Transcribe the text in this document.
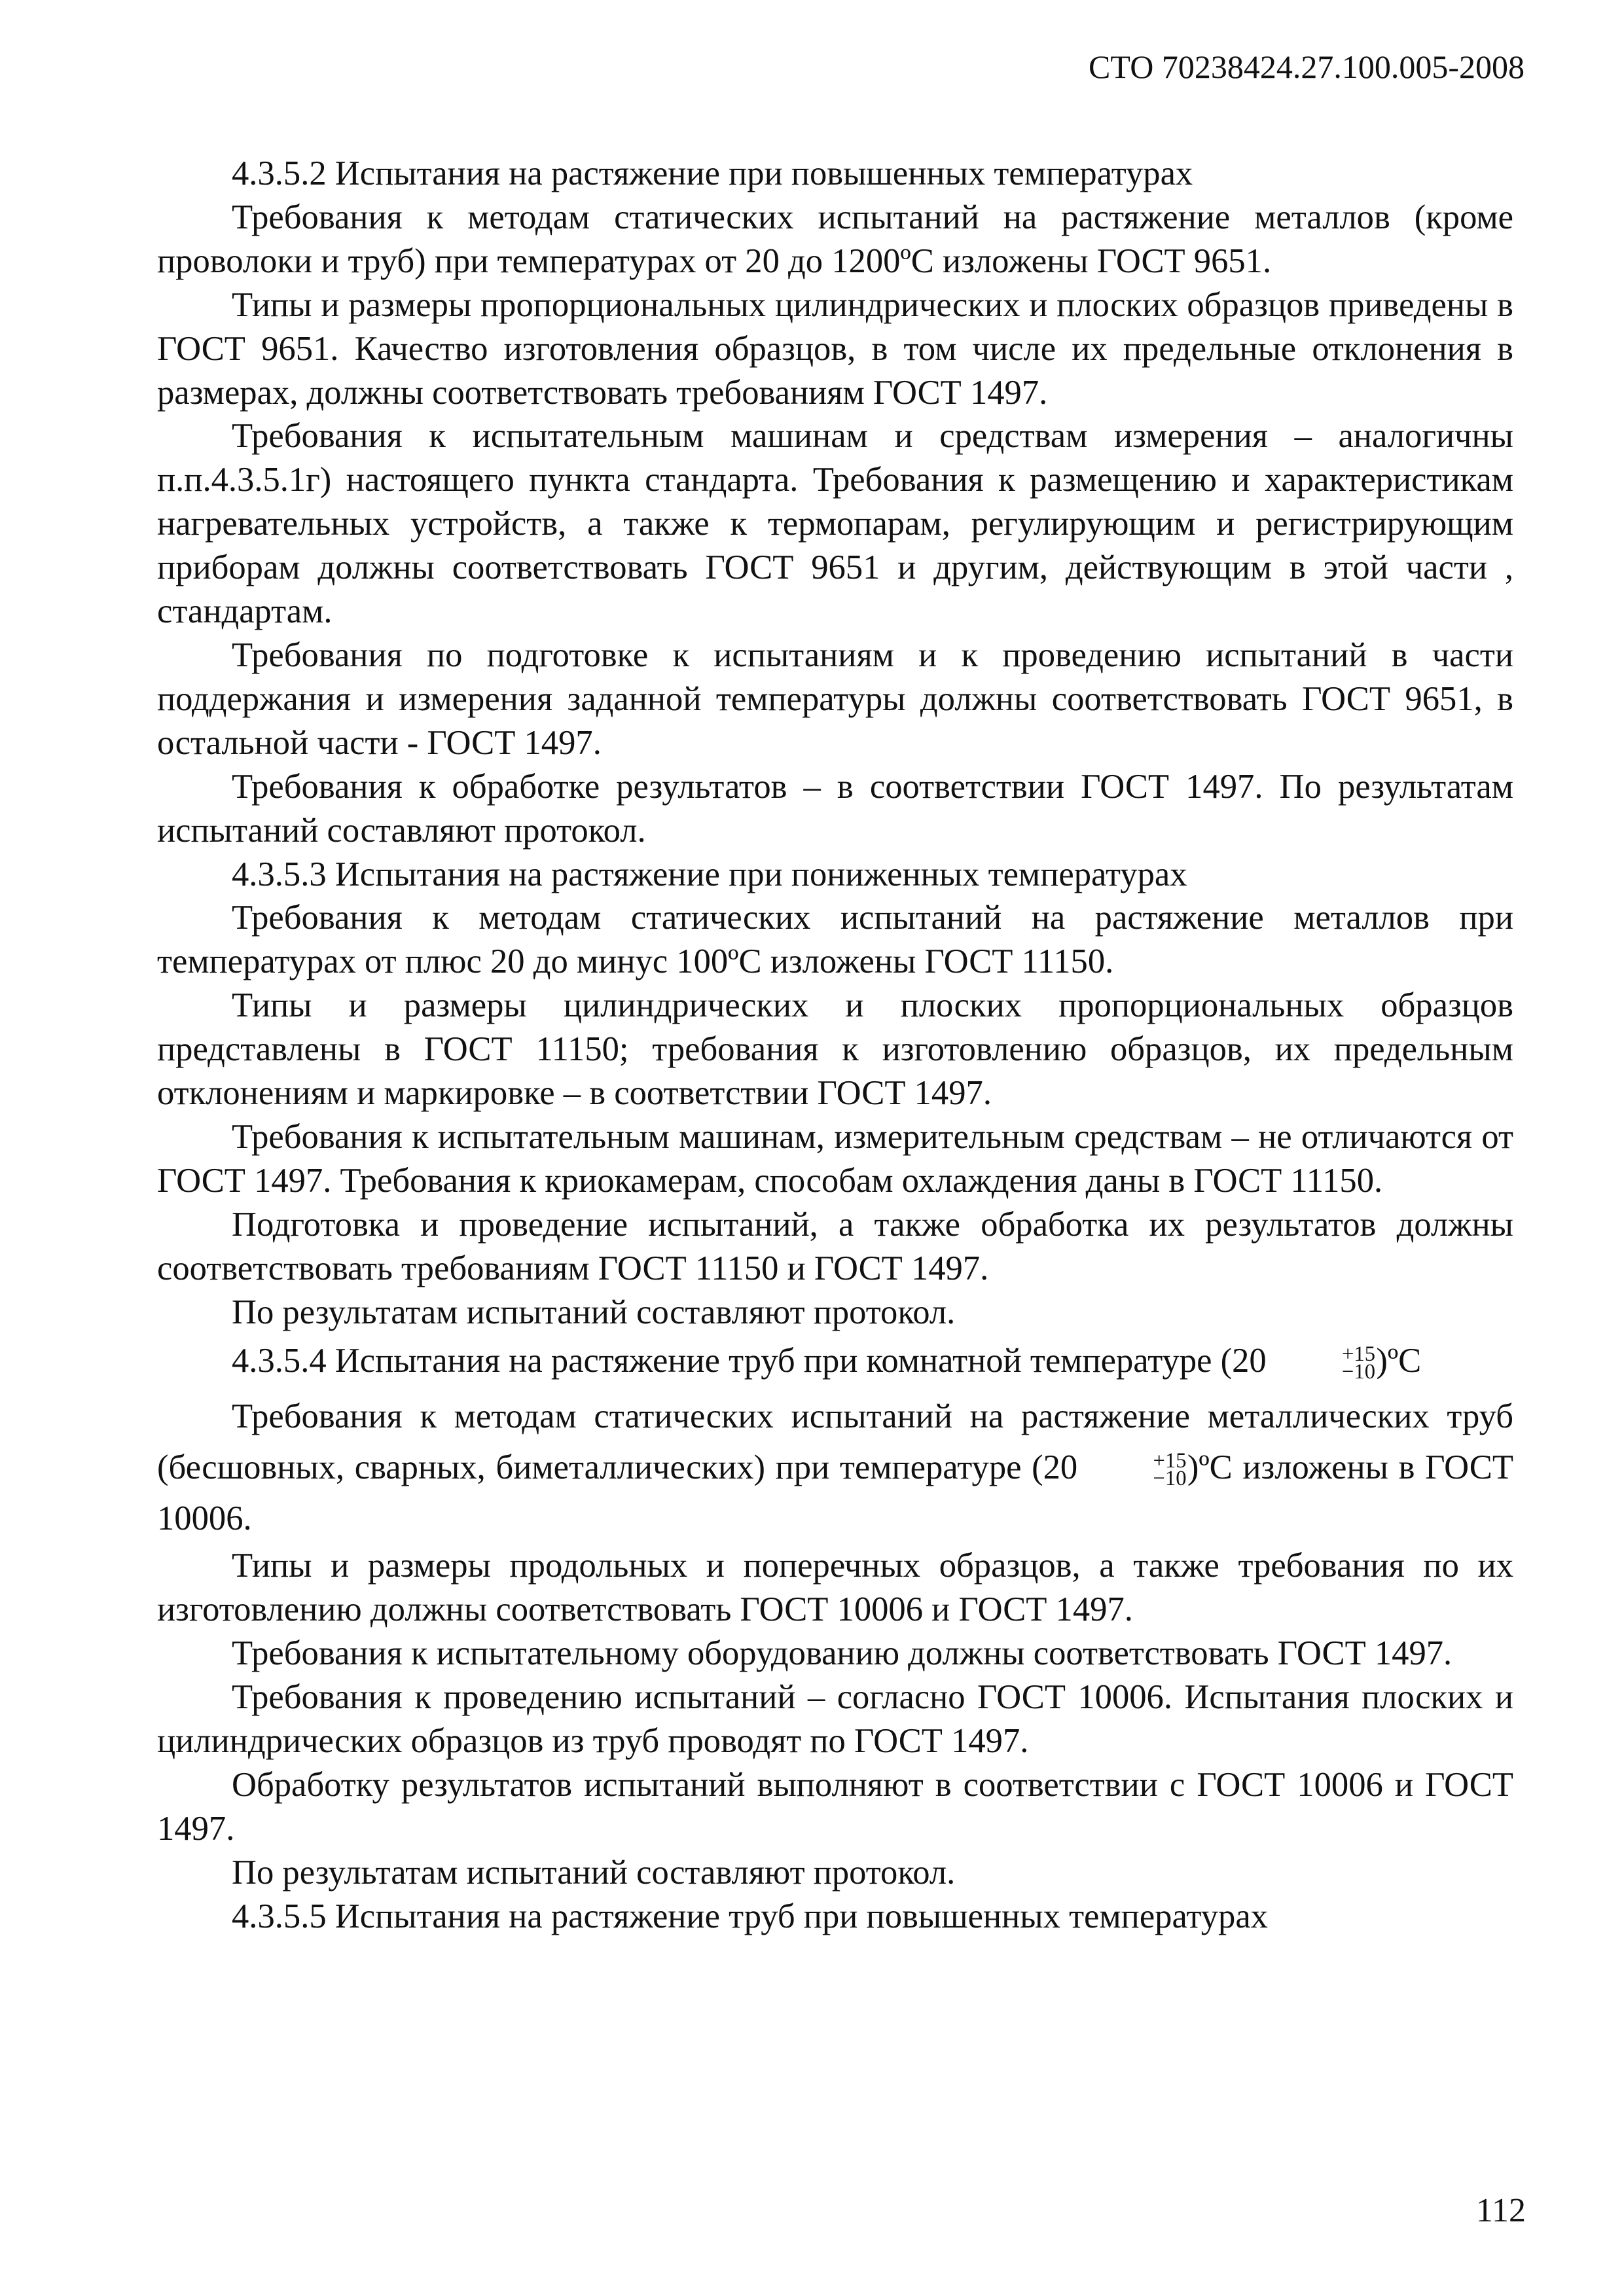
СТО 70238424.27.100.005-2008

4.3.5.2 Испытания на растяжение при повышенных температурах

Требования к методам статических испытаний на растяжение металлов (кроме проволоки и труб) при температурах от 20 до 1200ºС изложены ГОСТ 9651.

Типы и размеры пропорциональных цилиндрических и плоских образцов приведены в ГОСТ 9651. Качество изготовления образцов, в том числе их предельные отклонения в размерах, должны соответствовать требованиям ГОСТ 1497.

Требования к испытательным машинам и средствам измерения – аналогичны п.п.4.3.5.1г) настоящего пункта стандарта. Требования к размещению и характеристикам нагревательных устройств, а также к термопарам, регулирующим и регистрирующим приборам должны соответствовать ГОСТ 9651 и другим, действующим в этой части , стандартам.

Требования по подготовке к испытаниям и к проведению испытаний в части поддержания и измерения заданной температуры должны соответствовать ГОСТ 9651, в остальной части - ГОСТ 1497.

Требования к обработке результатов – в соответствии ГОСТ 1497. По результатам испытаний составляют протокол.

4.3.5.3 Испытания на растяжение при пониженных температурах

Требования к методам статических испытаний на растяжение металлов при температурах от плюс 20 до минус 100ºС изложены ГОСТ 11150.

Типы и размеры цилиндрических и плоских пропорциональных образцов представлены в ГОСТ 11150; требования к изготовлению образцов, их предельным отклонениям и маркировке – в соответствии ГОСТ 1497.

Требования к испытательным машинам, измерительным средствам – не отличаются от ГОСТ 1497. Требования к криокамерам, способам охлаждения даны в ГОСТ 11150.

Подготовка и проведение испытаний, а также обработка их результатов должны соответствовать требованиям ГОСТ 11150 и ГОСТ 1497.

По результатам испытаний составляют протокол.

4.3.5.4 Испытания на растяжение труб при комнатной температуре (20	+15
−10 )ºС

Требования к методам статических испытаний на растяжение металлических труб (бесшовных, сварных, биметаллических) при температуре (20	+15
−10 )ºС изложены в ГОСТ 10006.

Типы и размеры продольных и поперечных образцов, а также требования по их изготовлению должны соответствовать ГОСТ 10006 и ГОСТ 1497.

Требования к испытательному оборудованию должны соответствовать ГОСТ 1497.

Требования к проведению испытаний – согласно ГОСТ 10006. Испытания плоских и цилиндрических образцов из труб проводят по ГОСТ 1497.

Обработку результатов испытаний выполняют в соответствии с ГОСТ 10006 и ГОСТ 1497.

По результатам испытаний составляют протокол.

4.3.5.5 Испытания на растяжение труб при повышенных температурах

112
